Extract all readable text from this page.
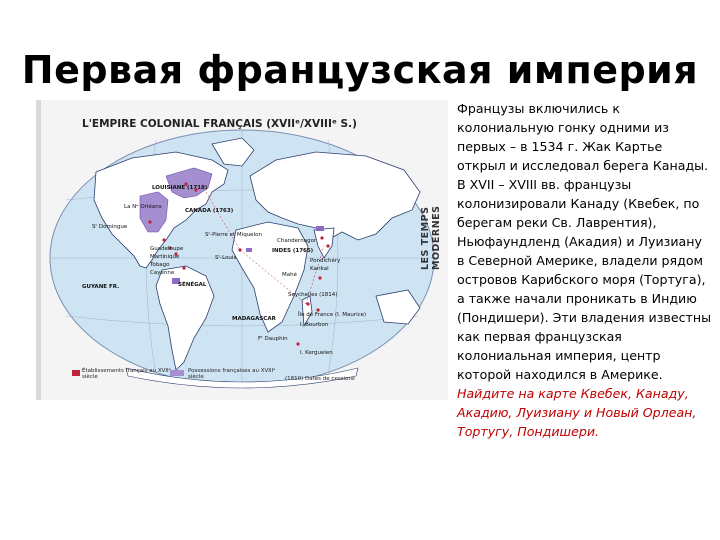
Первая французская империя
L'EMPIRE COLONIAL FRANÇAIS (XVIIᵉ/XVIIIᵉ S.)
LES TEMPS MODERNES
LOUISIANE (1718)
CANADA (1763)
La Nᵉ Orléans
Sᵗ Domingue
Guadeloupe
Martinique
Tobago
Cayenne
GUYANE FR.	SÉNÉGAL
Sᵗ-Louis
Sᵗ-Pierre et Miquelon
Chandernagor
INDES (1765)
Pondichéry
Karikal
Mahé
Seychelles (1814)
MADAGASCAR
Île de France (I. Maurice)
I. Bourbon
Fᵗ Dauphin
I. Kerguelen
Établissements français au XVIIᵉ siècle
Possessions françaises au XVIIIᵉ siècle	(1810) Dates de cessions
Французы включились к колониальную гонку одними из первых – в 1534 г. Жак Картье открыл и исследовал берега Канады.
В XVII – XVIII вв. французы колонизировали Канаду (Квебек, по берегам реки Св. Лаврентия), Ньюфаундленд (Акадия) и Луизиану в Северной Америке, владели рядом островов Карибского моря (Тортуга), а также начали проникать в Индию (Пондишери). Эти владения известны как первая французская колониальная империя, центр которой находился в Америке.
Найдите на карте Квебек, Канаду, Акадию, Луизиану и Новый Орлеан, Тортугу, Пондишери.
